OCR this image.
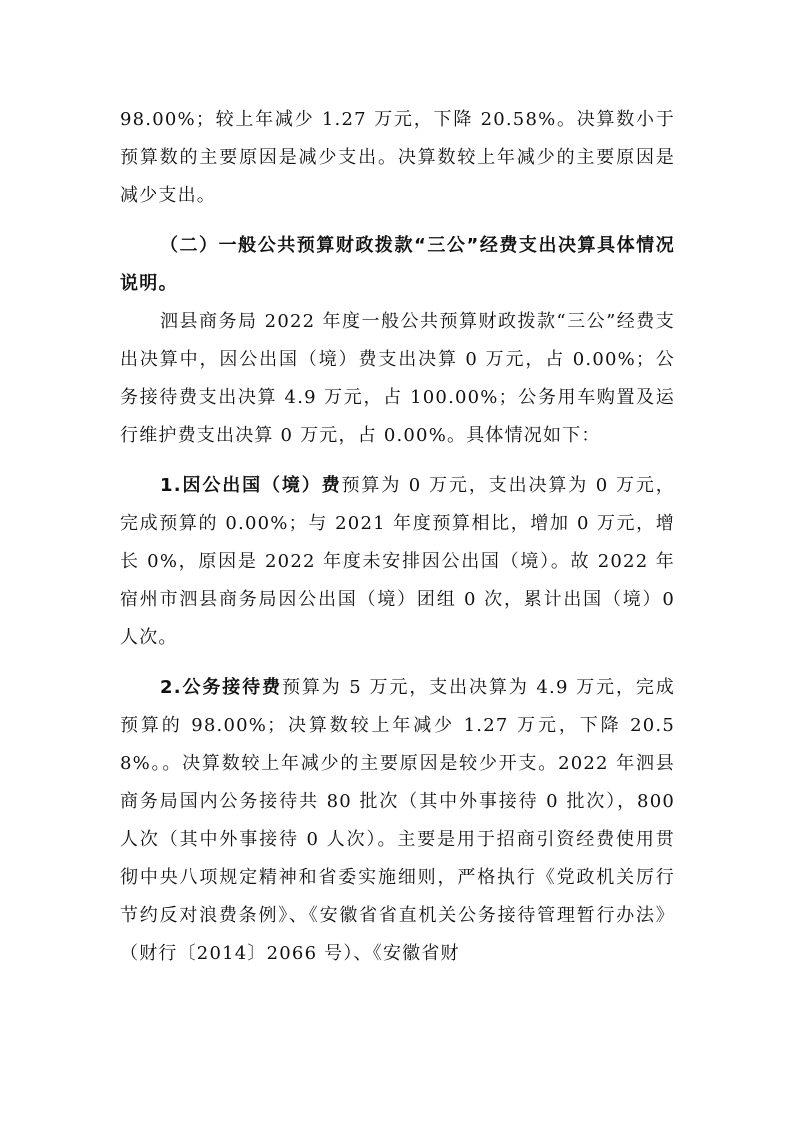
98.00%；较上年减少 1.27 万元，下降 20.58%。决算数小于预算数的主要原因是减少支出。决算数较上年减少的主要原因是减少支出。

（二）一般公共预算财政拨款“三公”经费支出决算具体情况说明。

泗县商务局 2022 年度一般公共预算财政拨款“三公”经费支出决算中，因公出国（境）费支出决算 0 万元，占 0.00%；公务接待费支出决算 4.9 万元，占 100.00%；公务用车购置及运行维护费支出决算 0 万元，占 0.00%。具体情况如下：

1.因公出国（境）费预算为 0 万元，支出决算为 0 万元，完成预算的 0.00%；与 2021 年度预算相比，增加 0 万元，增长 0%，原因是 2022 年度未安排因公出国（境）。故 2022 年宿州市泗县商务局因公出国（境）团组 0 次，累计出国（境）0 人次。

2.公务接待费预算为 5 万元，支出决算为 4.9 万元，完成预算的 98.00%；决算数较上年减少 1.27 万元，下降 20.58%。。决算数较上年减少的主要原因是较少开支。2022 年泗县商务局国内公务接待共 80 批次（其中外事接待 0 批次），800 人次（其中外事接待 0 人次）。主要是用于招商引资经费使用贯彻中央八项规定精神和省委实施细则，严格执行《党政机关厉行节约反对浪费条例》、《安徽省省直机关公务接待管理暂行办法》（财行〔2014〕2066 号）、《安徽省财
